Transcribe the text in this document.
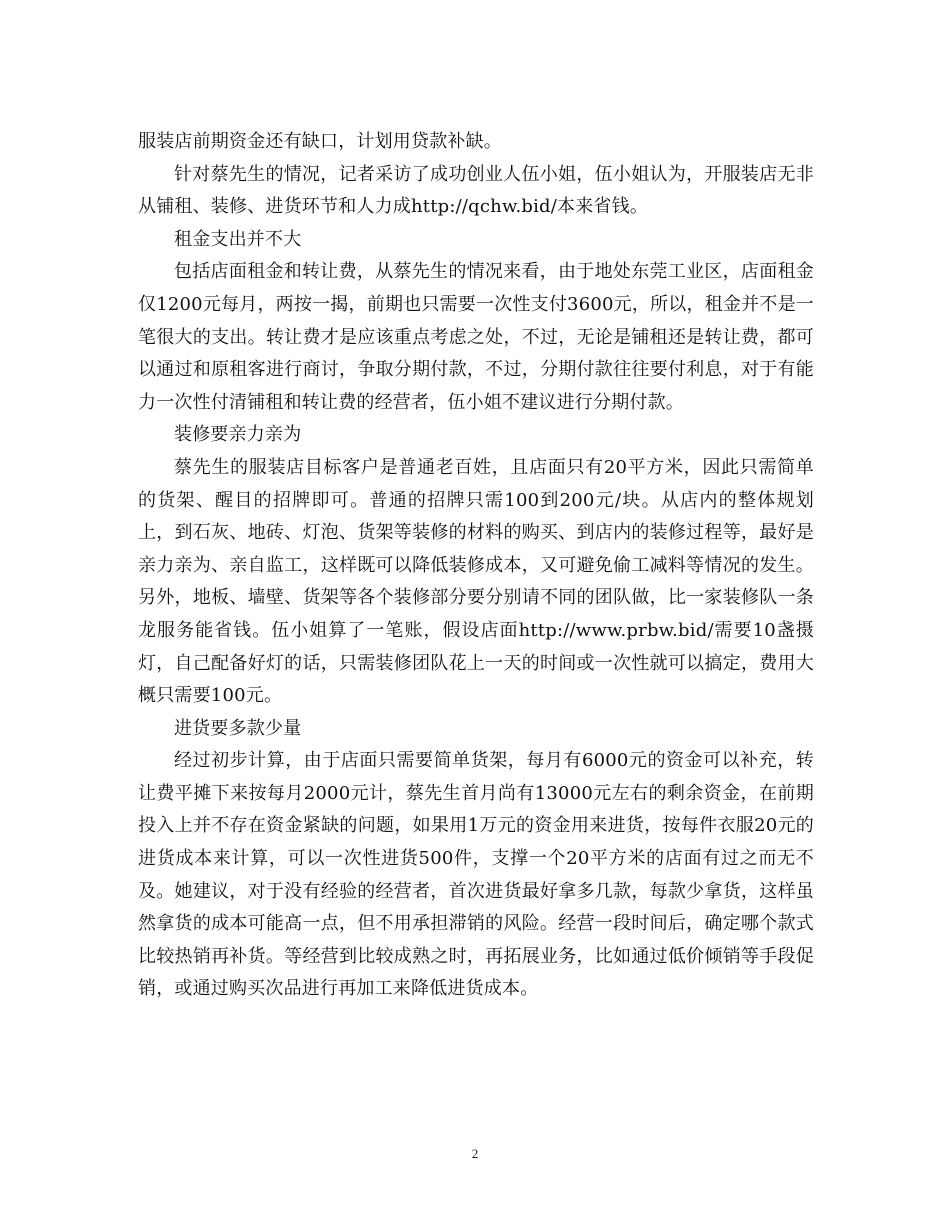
服装店前期资金还有缺口，计划用贷款补缺。

针对蔡先生的情况，记者采访了成功创业人伍小姐，伍小姐认为，开服装店无非从铺租、装修、进货环节和人力成http://qchw.bid/本来省钱。

租金支出并不大

包括店面租金和转让费，从蔡先生的情况来看，由于地处东莞工业区，店面租金仅1200元每月，两按一揭，前期也只需要一次性支付3600元，所以，租金并不是一笔很大的支出。转让费才是应该重点考虑之处，不过，无论是铺租还是转让费，都可以通过和原租客进行商讨，争取分期付款，不过，分期付款往往要付利息，对于有能力一次性付清铺租和转让费的经营者，伍小姐不建议进行分期付款。

装修要亲力亲为

蔡先生的服装店目标客户是普通老百姓，且店面只有20平方米，因此只需简单的货架、醒目的招牌即可。普通的招牌只需100到200元/块。从店内的整体规划上，到石灰、地砖、灯泡、货架等装修的材料的购买、到店内的装修过程等，最好是亲力亲为、亲自监工，这样既可以降低装修成本，又可避免偷工减料等情况的发生。另外，地板、墙壁、货架等各个装修部分要分别请不同的团队做，比一家装修队一条龙服务能省钱。伍小姐算了一笔账，假设店面http://www.prbw.bid/需要10盏摄灯，自己配备好灯的话，只需装修团队花上一天的时间或一次性就可以搞定，费用大概只需要100元。

进货要多款少量

经过初步计算，由于店面只需要简单货架，每月有6000元的资金可以补充，转让费平摊下来按每月2000元计，蔡先生首月尚有13000元左右的剩余资金，在前期投入上并不存在资金紧缺的问题，如果用1万元的资金用来进货，按每件衣服20元的进货成本来计算，可以一次性进货500件，支撑一个20平方米的店面有过之而无不及。她建议，对于没有经验的经营者，首次进货最好拿多几款，每款少拿货，这样虽然拿货的成本可能高一点，但不用承担滞销的风险。经营一段时间后，确定哪个款式比较热销再补货。等经营到比较成熟之时，再拓展业务，比如通过低价倾销等手段促销，或通过购买次品进行再加工来降低进货成本。

2
